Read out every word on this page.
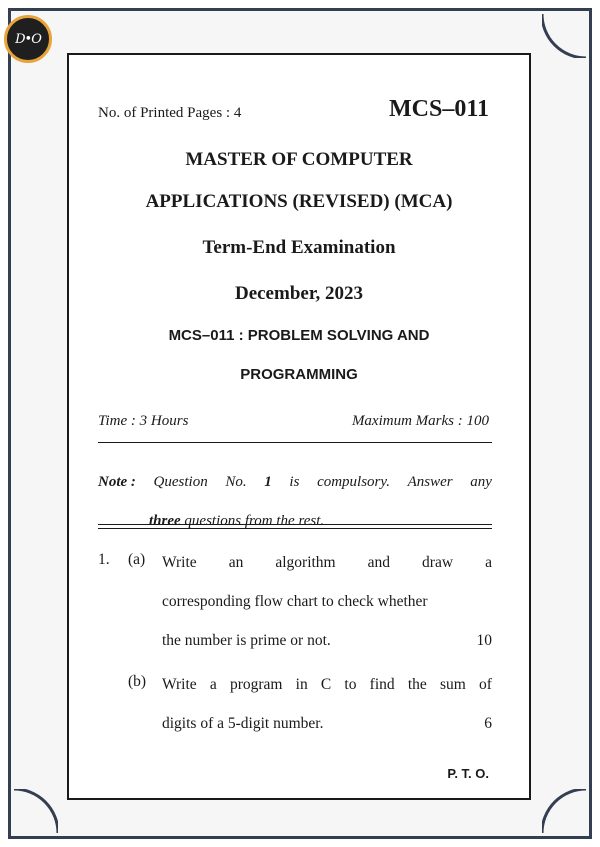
D•O
No. of Printed Pages : 4	MCS–011
MASTER OF COMPUTER
APPLICATIONS (REVISED) (MCA)
Term-End Examination
December, 2023
MCS–011 : PROBLEM SOLVING AND
PROGRAMMING
Time : 3 Hours	Maximum Marks : 100
Note : Question No. 1 is compulsory. Answer any
three questions from the rest.
1. (a) Write an algorithm and draw a
corresponding flow chart to check whether
the number is prime or not.	10
(b) Write a program in C to find the sum of
digits of a 5-digit number.	6
P. T. O.
